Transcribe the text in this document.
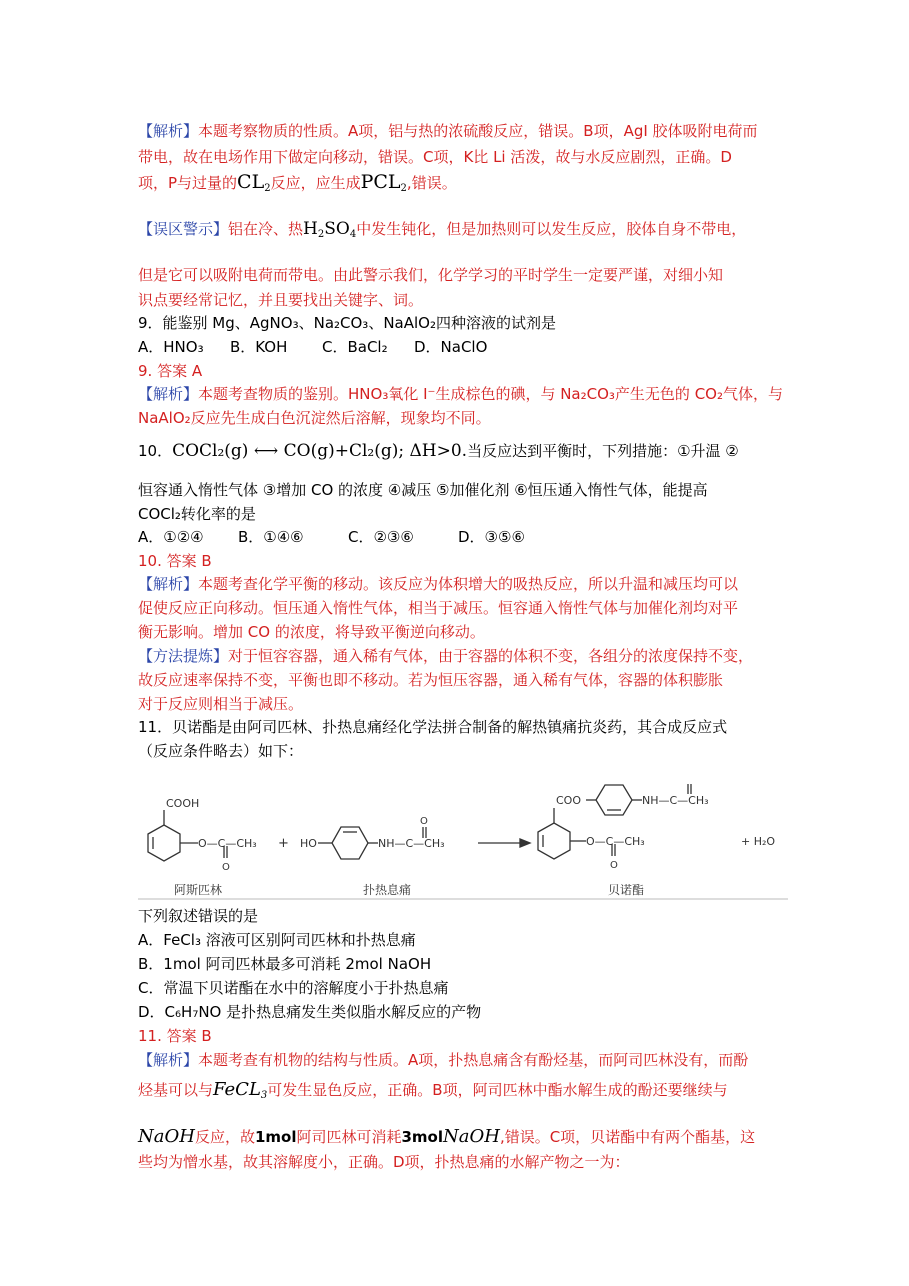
【解析】本题考察物质的性质。A项，铝与热的浓硫酸反应，错误。B项，AgI 胶体吸附电荷而
带电，故在电场作用下做定向移动，错误。C项，K比 Li 活泼，故与水反应剧烈，正确。D
项，P与过量的$CL_2$反应，应生成$PCL_2$,错误。
【误区警示】铝在冷、热$H_2SO_4$中发生钝化，但是加热则可以发生反应，胶体自身不带电，
但是它可以吸附电荷而带电。由此警示我们，化学学习的平时学生一定要严谨，对细小知
识点要经常记忆，并且要找出关键字、词。
9．能鉴别 Mg、AgNO₃、Na₂CO₃、NaAlO₂四种溶液的试剂是
A．HNO₃ B．KOH C．BaCl₂ D．NaClO
9. 答案 A
【解析】本题考查物质的鉴别。HNO₃氧化 I⁻生成棕色的碘，与 Na₂CO₃产生无色的 CO₂气体，与
NaAlO₂反应先生成白色沉淀然后溶解，现象均不同。
10．COCl₂(g) ⟷ CO(g)+Cl₂(g); ΔH>0.当反应达到平衡时，下列措施：①升温 ②
恒容通入惰性气体 ③增加 CO 的浓度 ④减压 ⑤加催化剂 ⑥恒压通入惰性气体，能提高
COCl₂转化率的是
A．①②④ B．①④⑥	C．②③⑥	D．③⑤⑥
10. 答案 B
【解析】本题考查化学平衡的移动。该反应为体积增大的吸热反应，所以升温和减压均可以
促使反应正向移动。恒压通入惰性气体，相当于减压。恒容通入惰性气体与加催化剂均对平
衡无影响。增加 CO 的浓度，将导致平衡逆向移动。
【方法提炼】对于恒容容器，通入稀有气体，由于容器的体积不变，各组分的浓度保持不变，
故反应速率保持不变，平衡也即不移动。若为恒压容器，通入稀有气体，容器的体积膨胀
对于反应则相当于减压。
11．贝诺酯是由阿司匹林、扑热息痛经化学法拼合制备的解热镇痛抗炎药，其合成反应式
（反应条件略去）如下：
COOH
O—C—CH₃
O
+ HO	NH—C—CH₃
O
COO	NH—C—CH₃
O—C—CH₃
O
+ H₂O
阿斯匹林	扑热息痛	贝诺酯
下列叙述错误的是
A．FeCl₃ 溶液可区别阿司匹林和扑热息痛
B．1mol 阿司匹林最多可消耗 2mol NaOH
C．常温下贝诺酯在水中的溶解度小于扑热息痛
D．C₆H₇NO 是扑热息痛发生类似脂水解反应的产物
11. 答案 B
【解析】本题考查有机物的结构与性质。A项，扑热息痛含有酚烃基，而阿司匹林没有，而酚
烃基可以与FeCL$_3$可发生显色反应，正确。B项，阿司匹林中酯水解生成的酚还要继续与
NaOH反应，故1mol阿司匹林可消耗3molNaOH,错误。C项，贝诺酯中有两个酯基，这
些均为憎水基，故其溶解度小，正确。D项，扑热息痛的水解产物之一为：
